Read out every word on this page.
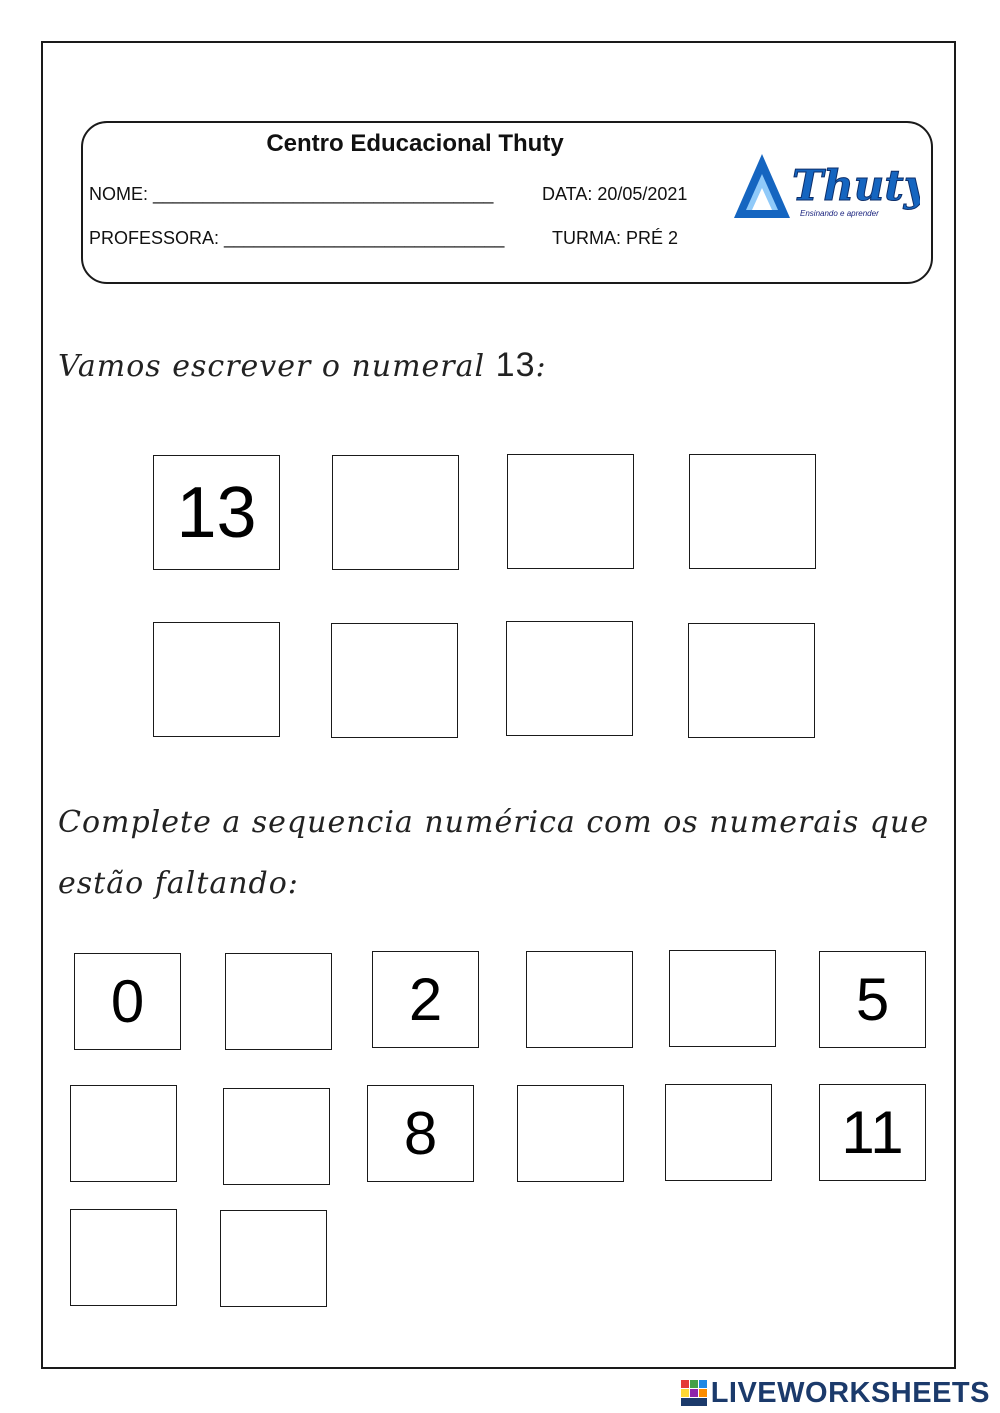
Centro Educacional Thuty
NOME: __________________________________	DATA: 20/05/2021
PROFESSORA: ____________________________	TURMA: PRÉ 2
Thuty
Ensinando e aprender
Vamos escrever o numeral 13:
13
Complete a sequencia numérica com os numerais que
estão faltando:
0	2	5
8	11
LIVEWORKSHEETS
